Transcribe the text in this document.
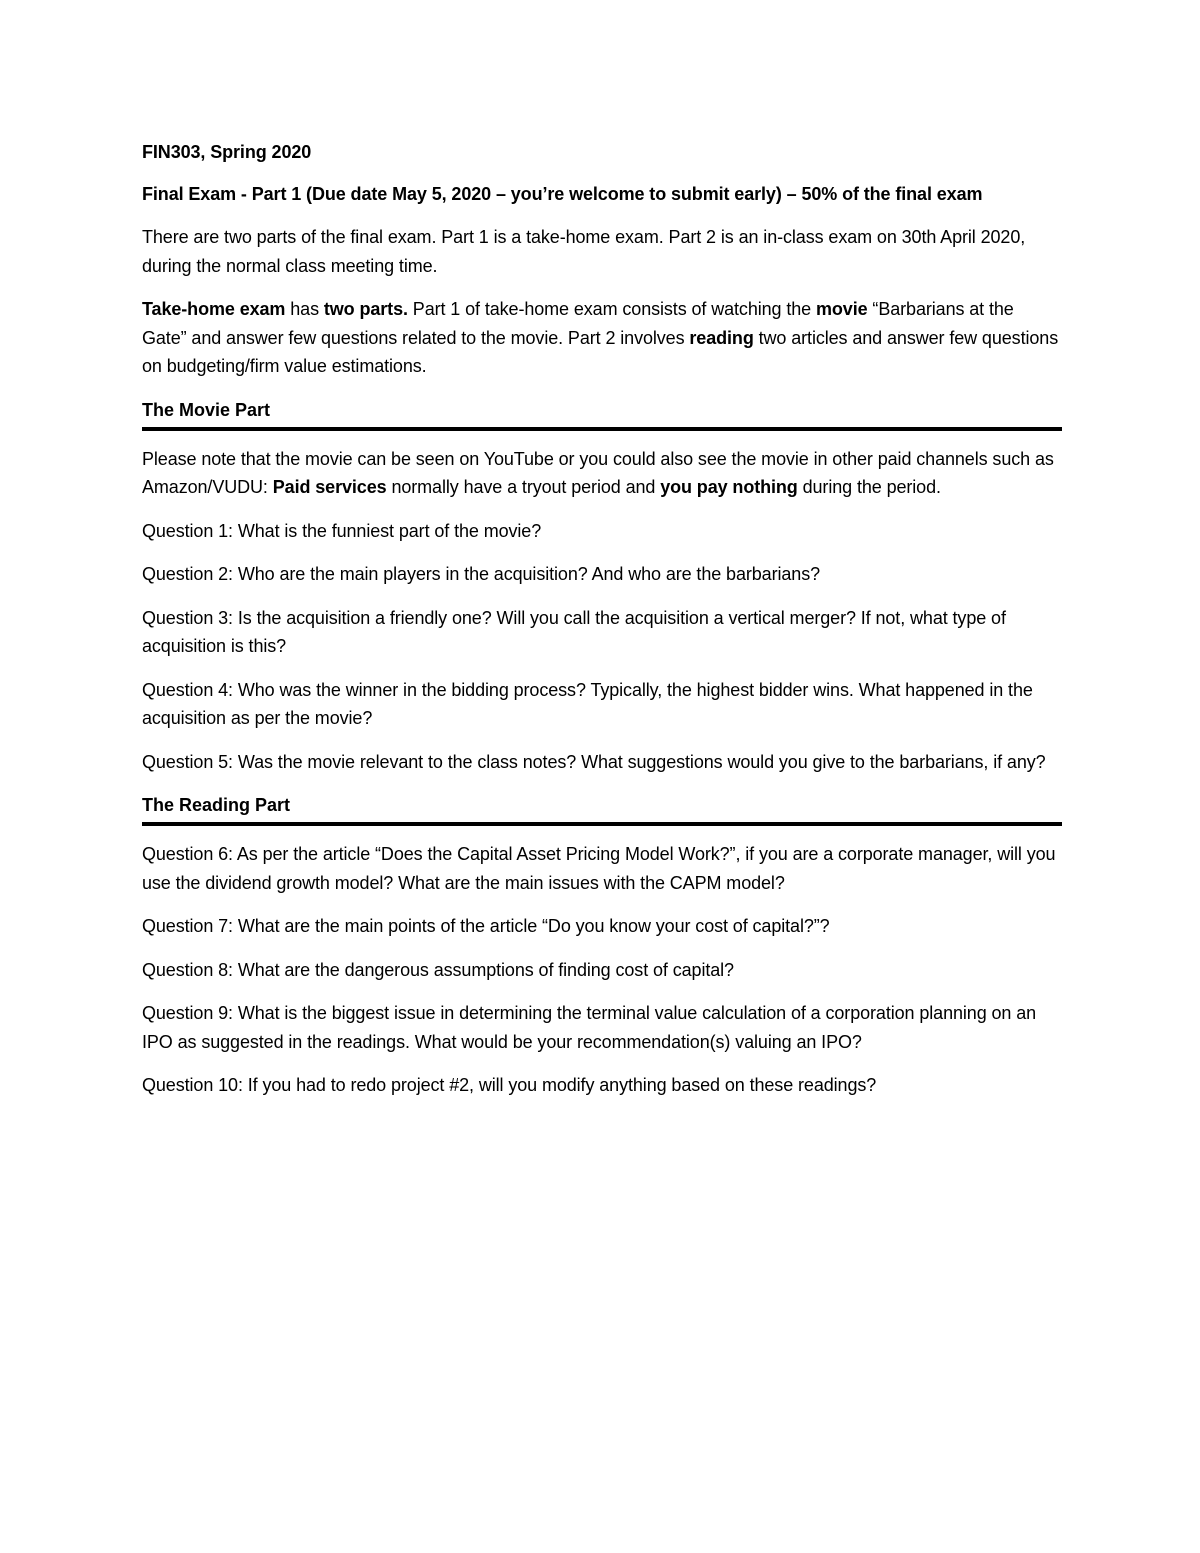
FIN303, Spring 2020

Final Exam - Part 1 (Due date May 5, 2020 – you’re welcome to submit early) – 50% of the final exam

There are two parts of the final exam. Part 1 is a take-home exam. Part 2 is an in-class exam on 30th April 2020, during the normal class meeting time.

Take-home exam has two parts. Part 1 of take-home exam consists of watching the movie “Barbarians at the Gate” and answer few questions related to the movie. Part 2 involves reading two articles and answer few questions on budgeting/firm value estimations.

The Movie Part

Please note that the movie can be seen on YouTube or you could also see the movie in other paid channels such as Amazon/VUDU: Paid services normally have a tryout period and you pay nothing during the period.

Question 1: What is the funniest part of the movie?

Question 2: Who are the main players in the acquisition? And who are the barbarians?

Question 3: Is the acquisition a friendly one? Will you call the acquisition a vertical merger? If not, what type of acquisition is this?

Question 4: Who was the winner in the bidding process? Typically, the highest bidder wins. What happened in the acquisition as per the movie?

Question 5: Was the movie relevant to the class notes? What suggestions would you give to the barbarians, if any?

The Reading Part

Question 6: As per the article “Does the Capital Asset Pricing Model Work?”, if you are a corporate manager, will you use the dividend growth model? What are the main issues with the CAPM model?

Question 7: What are the main points of the article “Do you know your cost of capital?”?

Question 8: What are the dangerous assumptions of finding cost of capital?

Question 9: What is the biggest issue in determining the terminal value calculation of a corporation planning on an IPO as suggested in the readings. What would be your recommendation(s) valuing an IPO?

Question 10: If you had to redo project #2, will you modify anything based on these readings?
